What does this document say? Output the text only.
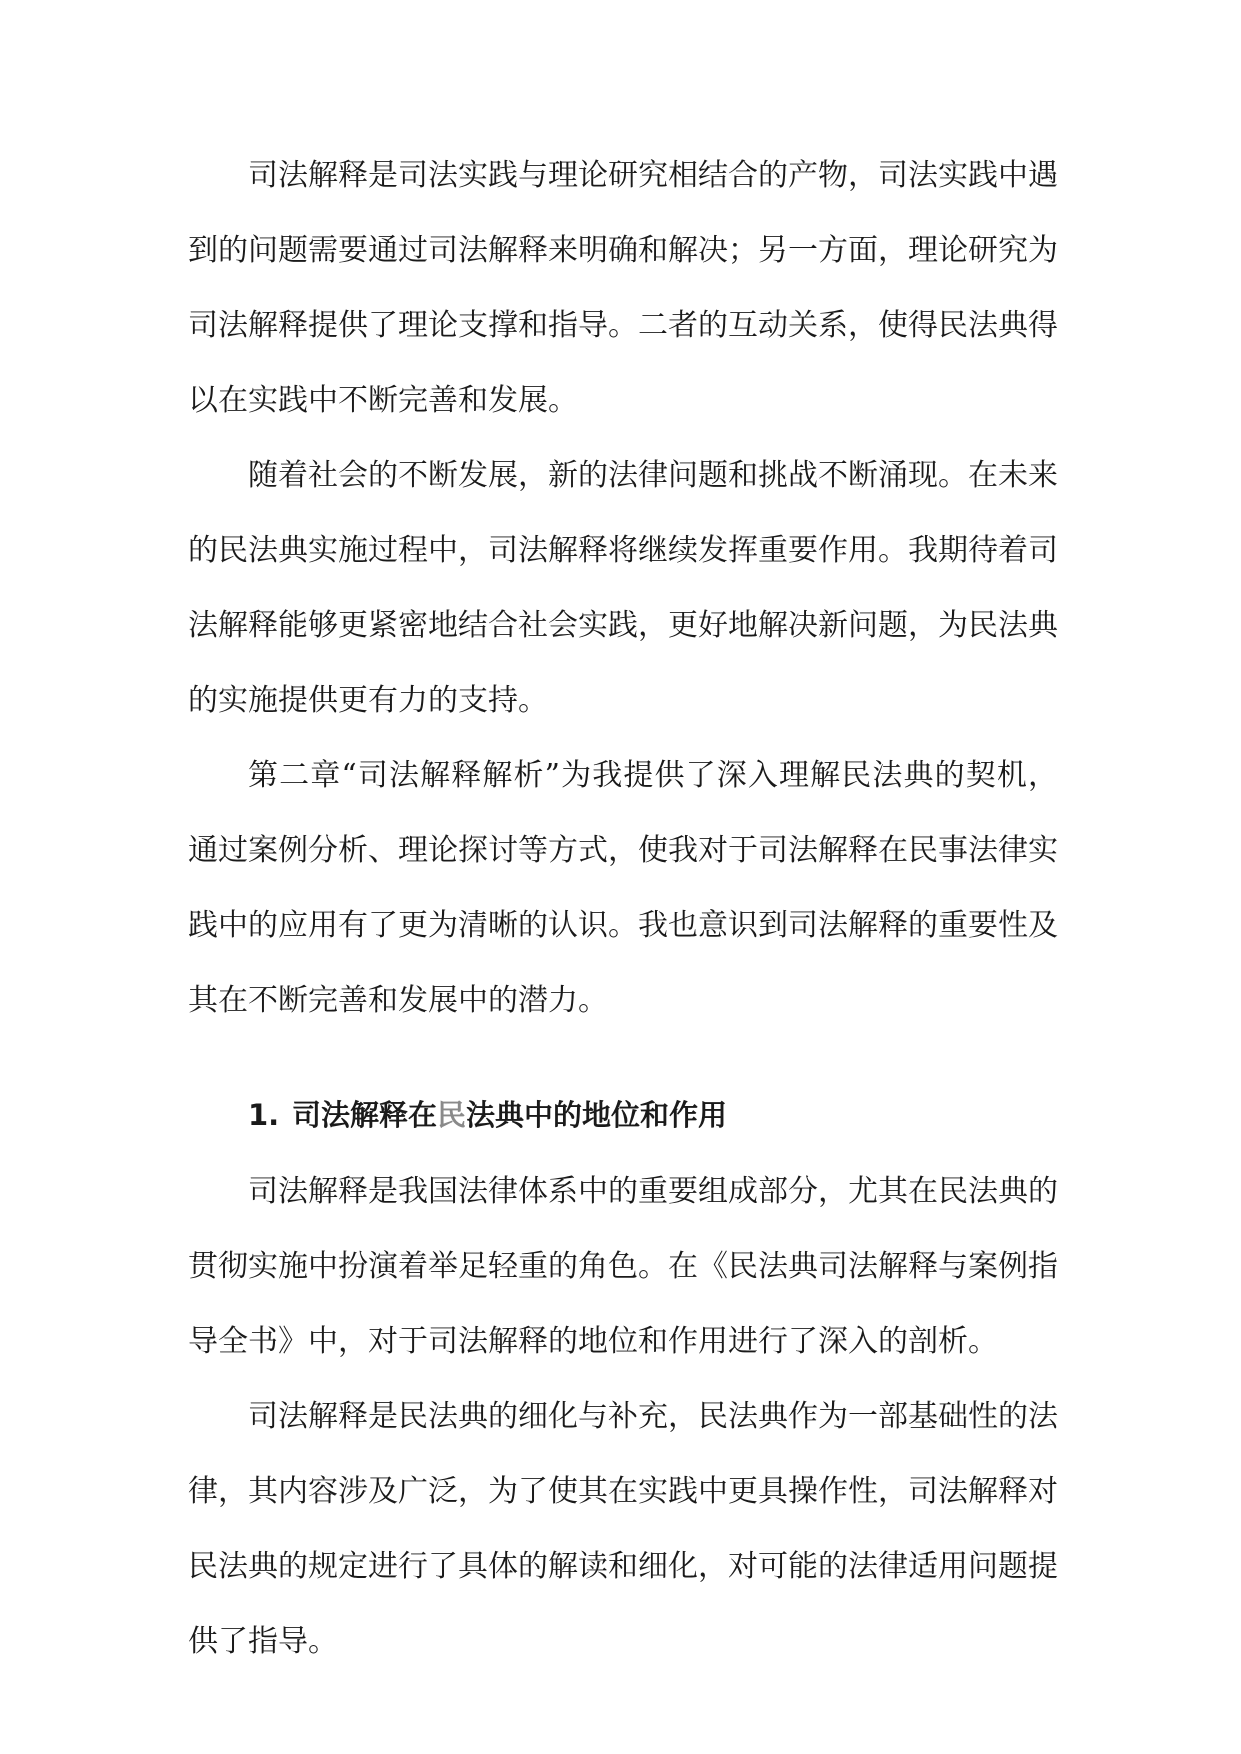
司法解释是司法实践与理论研究相结合的产物，司法实践中遇到的问题需要通过司法解释来明确和解决；另一方面，理论研究为司法解释提供了理论支撑和指导。二者的互动关系，使得民法典得以在实践中不断完善和发展。

随着社会的不断发展，新的法律问题和挑战不断涌现。在未来的民法典实施过程中，司法解释将继续发挥重要作用。我期待着司法解释能够更紧密地结合社会实践，更好地解决新问题，为民法典的实施提供更有力的支持。

第二章“司法解释解析”为我提供了深入理解民法典的契机，通过案例分析、理论探讨等方式，使我对于司法解释在民事法律实践中的应用有了更为清晰的认识。我也意识到司法解释的重要性及其在不断完善和发展中的潜力。

1. 司法解释在民法典中的地位和作用

司法解释是我国法律体系中的重要组成部分，尤其在民法典的贯彻实施中扮演着举足轻重的角色。在《民法典司法解释与案例指导全书》中，对于司法解释的地位和作用进行了深入的剖析。

司法解释是民法典的细化与补充，民法典作为一部基础性的法律，其内容涉及广泛，为了使其在实践中更具操作性，司法解释对民法典的规定进行了具体的解读和细化，对可能的法律适用问题提供了指导。
